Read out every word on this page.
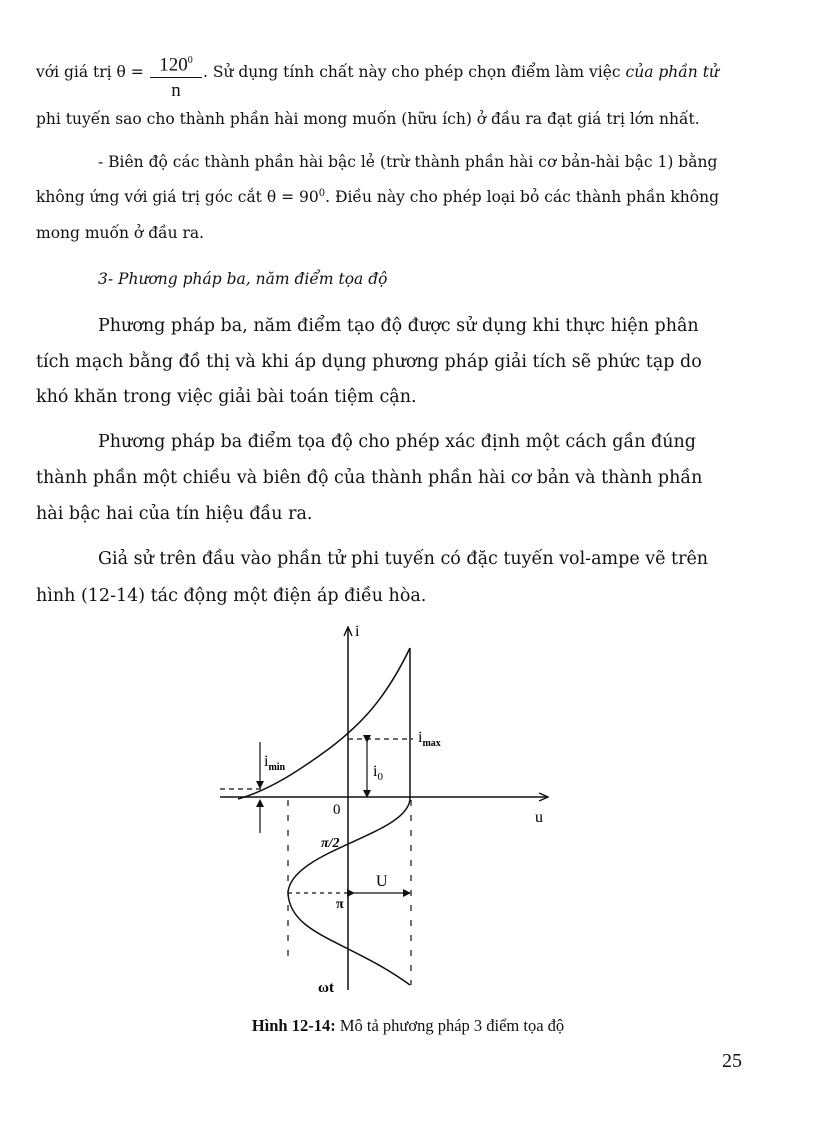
với giá trị $\theta = 120^0$
n
. Sử dụng tính chất này cho phép chọn điểm làm việc của phần tử
phi tuyến sao cho thành phần hài mong muốn (hữu ích) ở đầu ra đạt giá trị lớn nhất.
- Biên độ các thành phần hài bậc lẻ (trừ thành phần hài cơ bản-hài bậc 1) bằng
không ứng với giá trị góc cắt $\theta = 90^0$. Điều này cho phép loại bỏ các thành phần không
mong muốn ở đầu ra.
3- Phương pháp ba, năm điểm tọa độ
Phương pháp ba, năm điểm tạo độ được sử dụng khi thực hiện phân
tích mạch bằng đồ thị và khi áp dụng phương pháp giải tích sẽ phức tạp do
khó khăn trong việc giải bài toán tiệm cận.
Phương pháp ba điểm tọa độ cho phép xác định một cách gần đúng
thành phần một chiều và biên độ của thành phần hài cơ bản và thành phần
hài bậc hai của tín hiệu đầu ra.
Giả sử trên đầu vào phần tử phi tuyến có đặc tuyến vol-ampe vẽ trên
hình (12-14) tác động một điện áp điều hòa.
i
$i_{max}$
$i_{min}$	$i_0$
0	u
π/2
π
U
ωt
Hình 12-14: Mô tả phương pháp 3 điểm tọa độ
25
